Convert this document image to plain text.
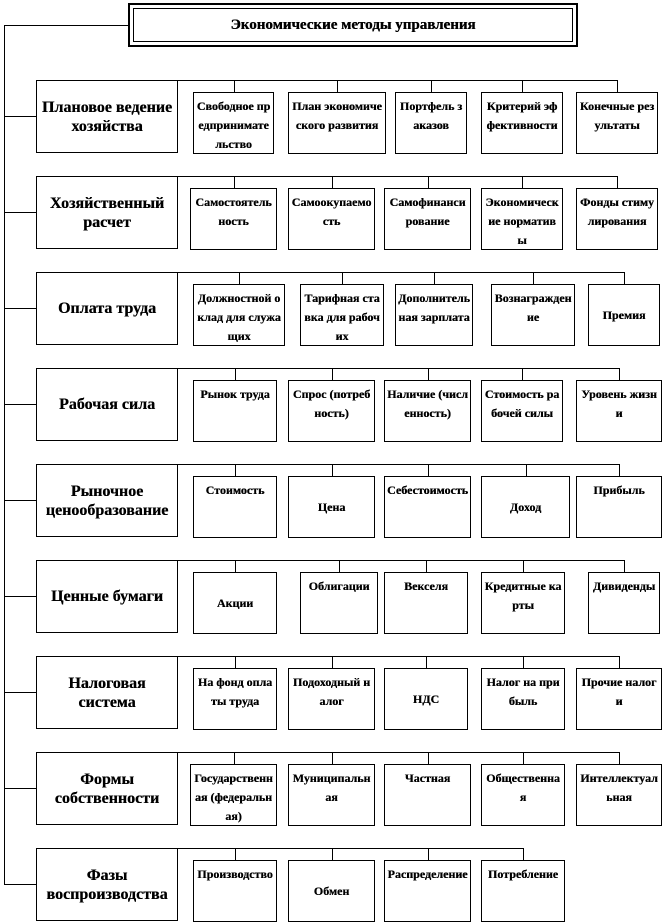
Экономические методы управления
Плановое ведение хозяйства
Свободное предпринимательство
План экономического развития
Портфель заказов
Критерий эффективности
Конечные результаты
Хозяйственный расчет
Самостоятельность
Самоокупаемость
Самофинансирование
Экономические нормативы
Фонды стимулирования
Оплата труда
Должностной оклад для служащих
Тарифная ставка для рабочих
Дополнительная зарплата
Вознаграждение	Премия
Рабочая сила
Рынок труда	Спрос (потребность)
Наличие (численность)
Стоимость рабочей силы
Уровень жизни
Рыночное ценообразование
Стоимость
Цена
Себестоимость
Доход
Прибыль
Ценные бумаги	Акции
Облигации	Векселя	Кредитные карты
Дивиденды
Налоговая система
На фонд оплаты труда
Подоходный налог	НДС
Налог на прибыль
Прочие налоги
Формы собственности
Государственная (федеральная)
Муниципальная
Частная	Общественная
Интеллектуальная
Фазы воспроизводства
Производство
Обмен
Распределение	Потребление
